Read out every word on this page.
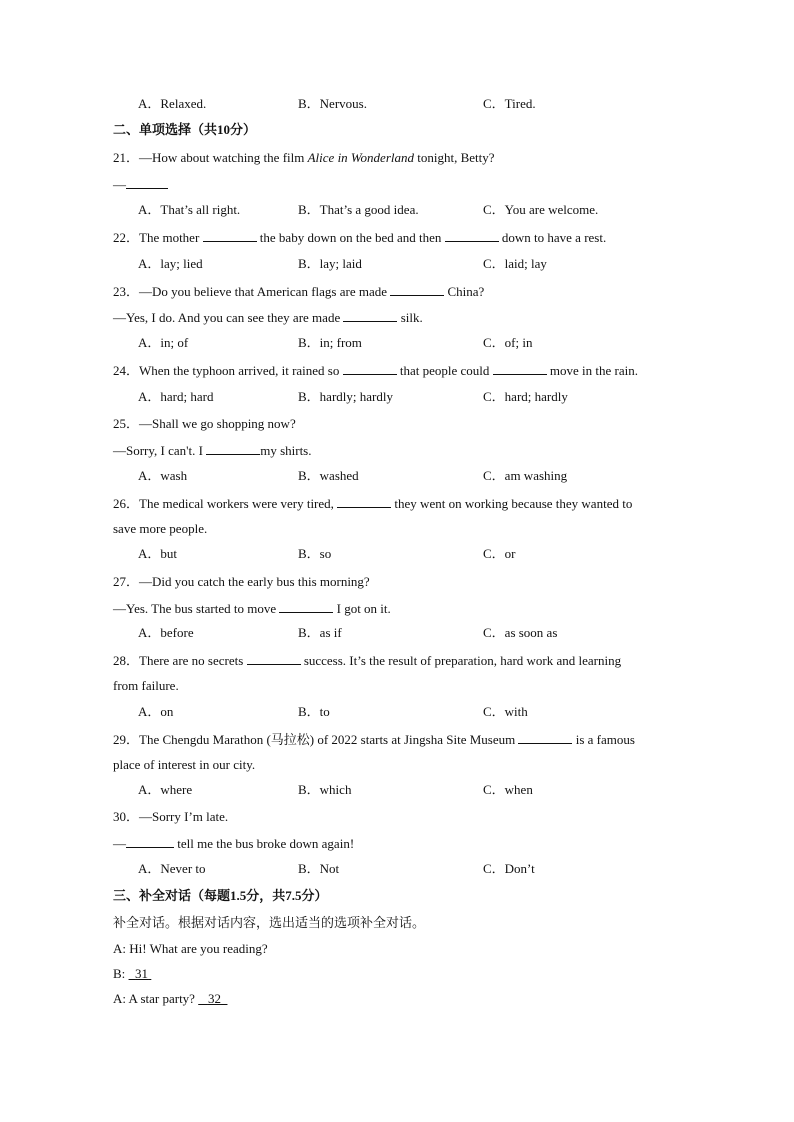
A．Relaxed.	B．Nervous.	C．Tired.
二、单项选择（共10分）
21．—How about watching the film Alice in Wonderland tonight, Betty?
—
A．That’s all right.	B．That’s a good idea.	C．You are welcome.
22．The mother	the baby down on the bed and then	down to have a rest.
A．lay; lied	B．lay; laid	C．laid; lay
23．—Do you believe that American flags are made	China?
—Yes, I do. And you can see they are made	silk.
A．in; of	B．in; from	C．of; in
24．When the typhoon arrived, it rained so	that people could	move in the rain.
A．hard; hard	B．hardly; hardly	C．hard; hardly
25．—Shall we go shopping now?
—Sorry, I can't. I	my shirts.
A．wash	B．washed	C．am washing
26．The medical workers were very tired,	they went on working because they wanted to
save more people.
A．but	B．so	C．or
27．—Did you catch the early bus this morning?
—Yes. The bus started to move	I got on it.
A．before	B．as if	C．as soon as
28．There are no secrets	success. It’s the result of preparation, hard work and learning
from failure.
A．on	B．to	C．with
29．The Chengdu Marathon (马拉松) of 2022 starts at Jingsha Site Museum	is a famous
place of interest in our city.
A．where	B．which	C．when
30．—Sorry I’m late.
—	tell me the bus broke down again!
A．Never to	B．Not	C．Don’t
三、补全对话（每题1.5分，共7.5分）
补全对话。根据对话内容，选出适当的选项补全对话。
A: Hi! What are you reading?
B:   31
A: A star party?    32
